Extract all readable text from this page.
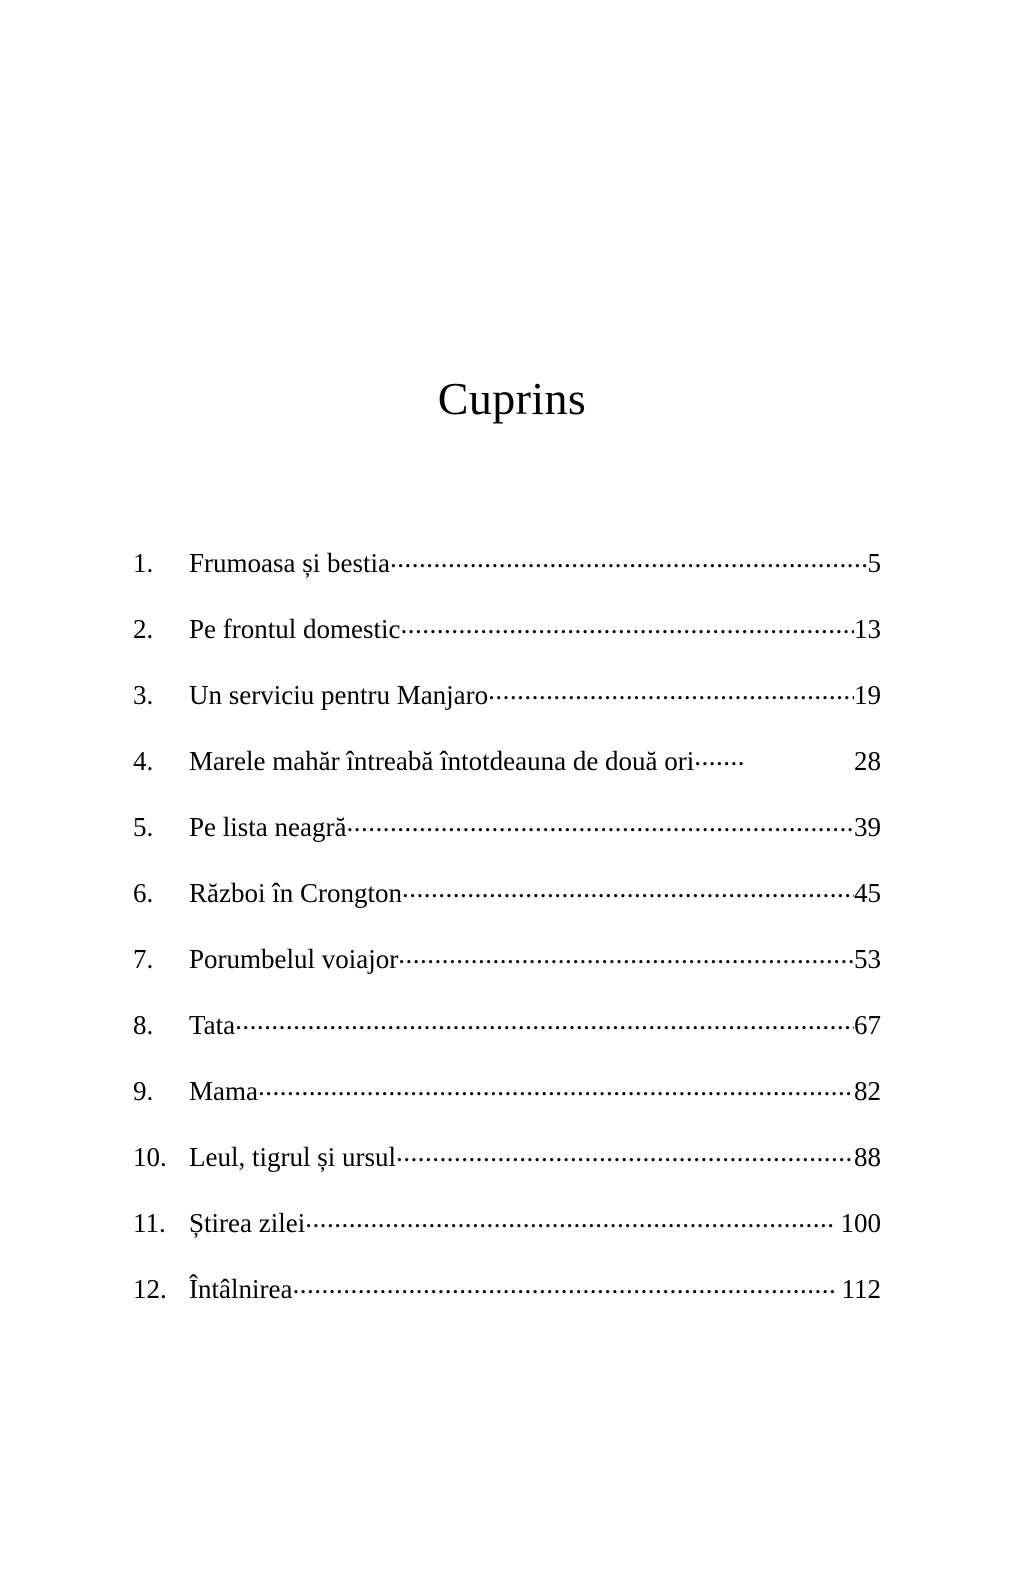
Cuprins
1.	Frumoasa și bestia .....	5
2.	Pe frontul domestic .....	13
3.	Un serviciu pentru Manjaro .....	19
4.	Marele mahăr întreabă întotdeauna de două ori .......	28
5.	Pe lista neagră .....	39
6.	Război în Crongton .....	45
7.	Porumbelul voiajor .....	53
8.	Tata .....	67
9.	Mama .....	82
10. Leul, tigrul și ursul .....	88
11. Știrea zilei .....	100
12. Întâlnirea .....	112
